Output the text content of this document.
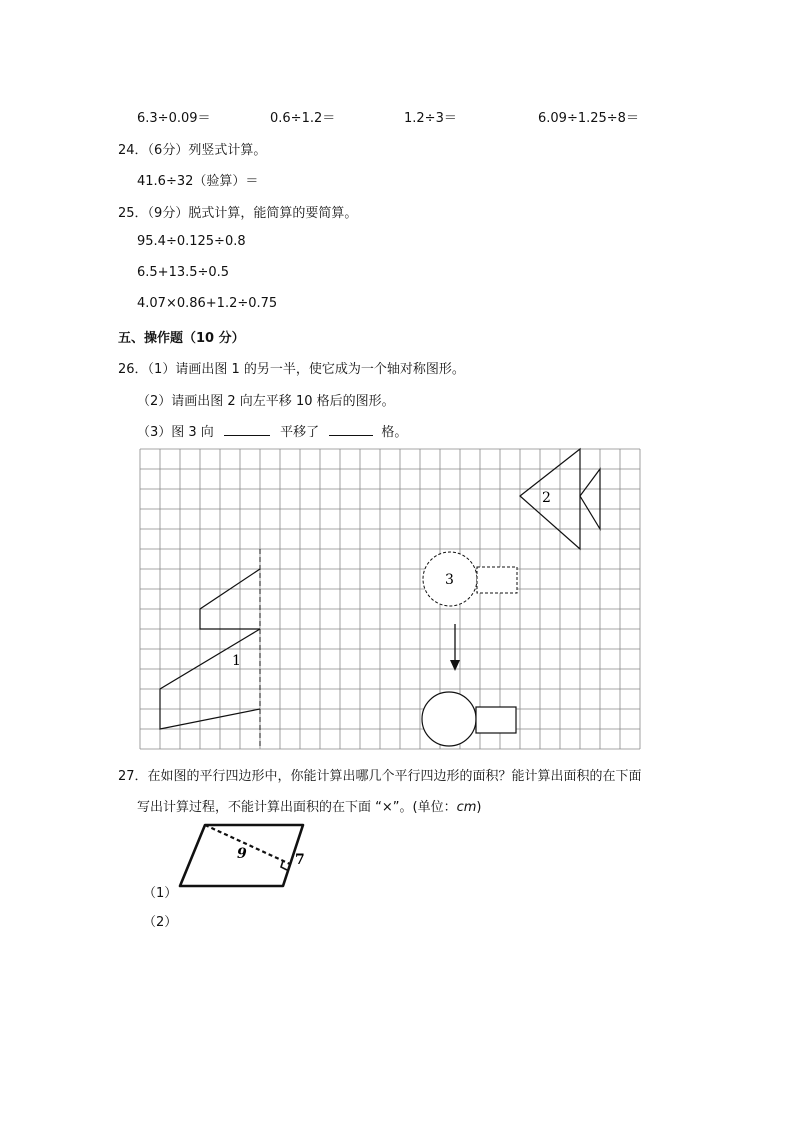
6.3÷0.09＝	0.6÷1.2＝	1.2÷3＝	6.09÷1.25÷8＝
24．（6分）列竖式计算。
41.6÷32（验算）＝
25．（9分）脱式计算，能简算的要简算。
95.4÷0.125÷0.8
6.5+13.5÷0.5
4.07×0.86+1.2÷0.75
五、操作题（10 分）
26．（1）请画出图 1 的另一半，使它成为一个轴对称图形。
（2）请画出图 2 向左平移 10 格后的图形。
（3）图 3 向	平移了	格。
1
2
3
27．在如图的平行四边形中，你能计算出哪几个平行四边形的面积？能计算出面积的在下面
写出计算过程，不能计算出面积的在下面 “×”。(单位：cm)
9	7
（1）
（2）
